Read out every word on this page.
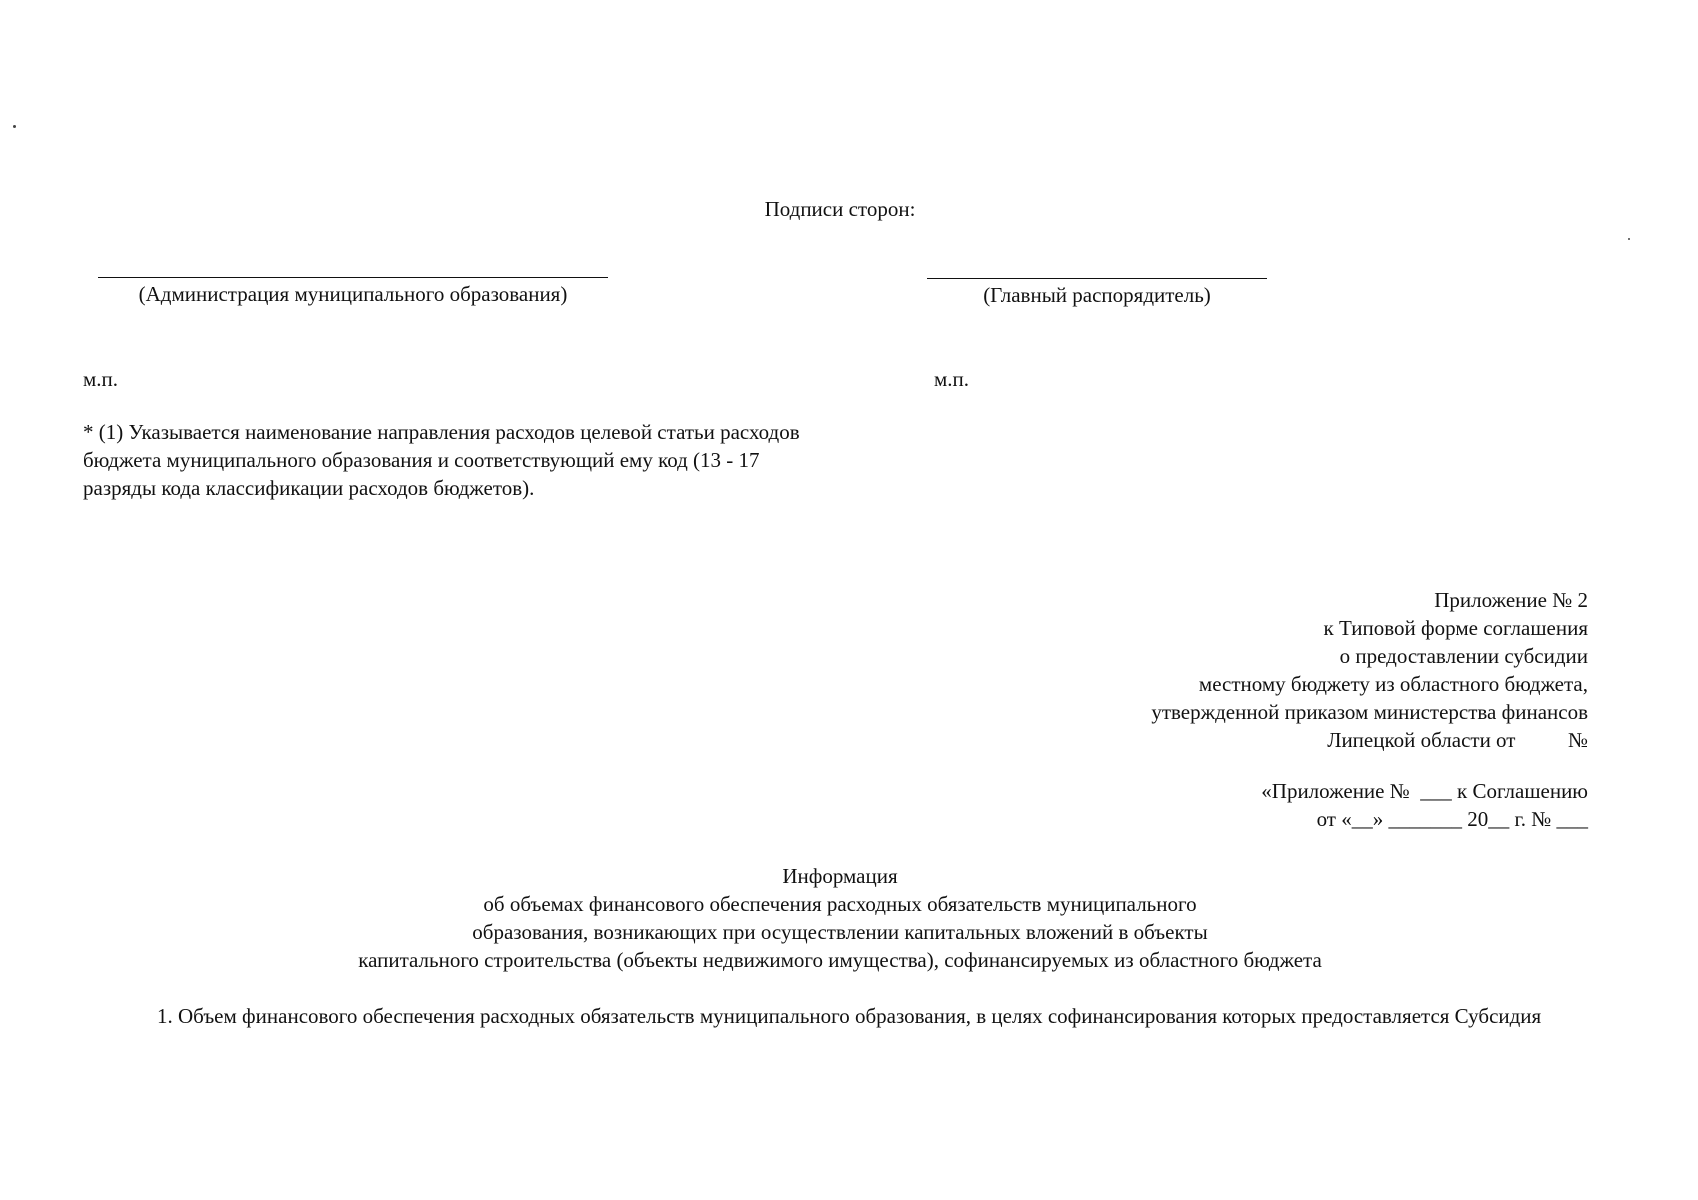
Подписи сторон:
(Администрация муниципального образования)	(Главный распорядитель)
м.п.	м.п.
* (1) Указывается наименование направления расходов целевой статьи расходов
бюджета муниципального образования и соответствующий ему код (13 - 17
разряды кода классификации расходов бюджетов).
Приложение № 2
к Типовой форме соглашения
о предоставлении субсидии
местному бюджету из областного бюджета,
утвержденной приказом министерства финансов
Липецкой области от          №
«Приложение №  ___ к Соглашению
от «__» _______ 20__ г. № ___
Информация
об объемах финансового обеспечения расходных обязательств муниципального
образования, возникающих при осуществлении капитальных вложений в объекты
капитального строительства (объекты недвижимого имущества), софинансируемых из областного бюджета
1. Объем финансового обеспечения расходных обязательств муниципального образования, в целях софинансирования которых предоставляется Субсидия
